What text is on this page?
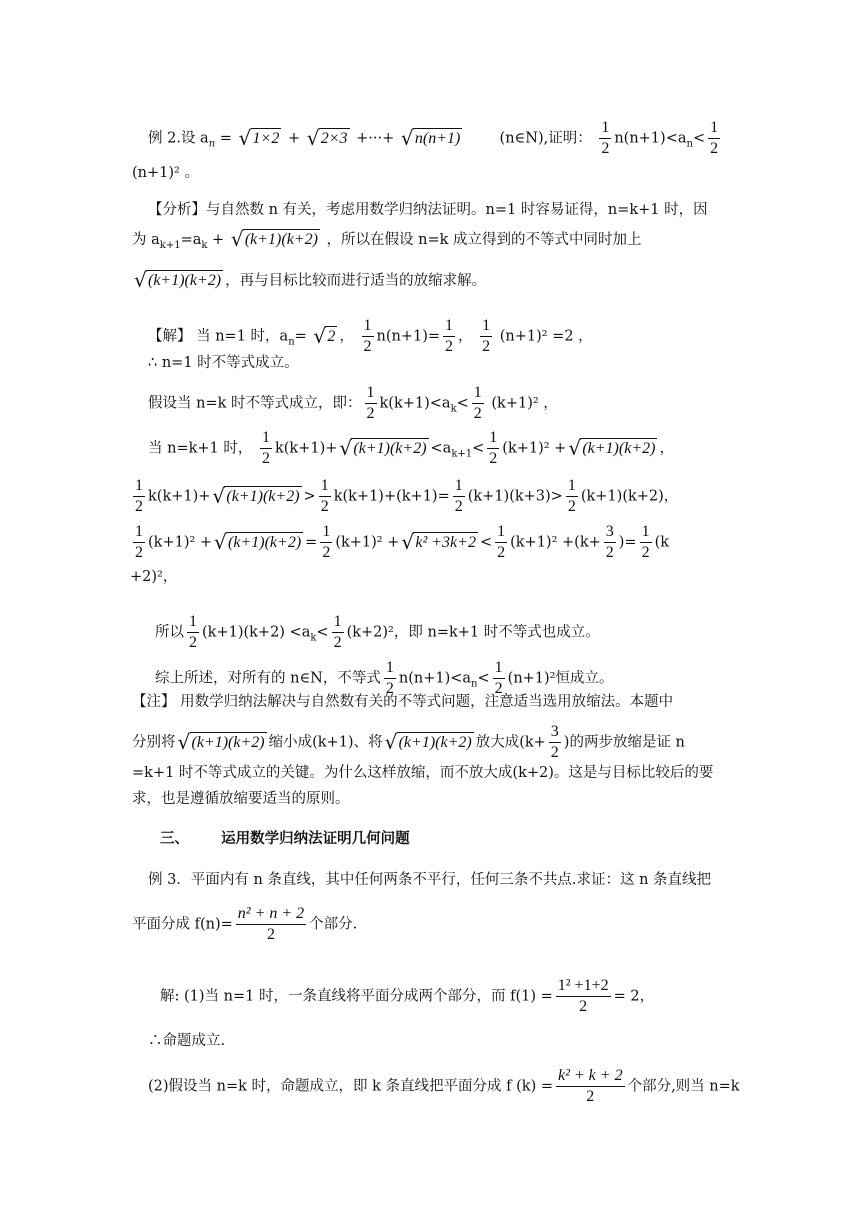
例 2.设 $a_n$ = √ 1×2 + √ 2×3 +···+ √ n(n+1)	(n∈N),证明： $\frac{1}{2} n(n+1)<a_n< \frac{1}{2}$
(n+1)² 。
【分析】与自然数 n 有关，考虑用数学归纳法证明。n=1 时容易证得，n=k+1 时，因
为 $a_{k+1}=a_k$ + √ (k+1)(k+2) ，所以在假设 n=k 成立得到的不等式中同时加上
√ (k+1)(k+2) ，再与目标比较而进行适当的放缩求解。
【解】 当 n=1 时，$a_n=$ √ 2 ， $\frac{1}{2} n(n+1)= \frac{1}{2}$ ， $\frac{1}{2} (n+1)^2 =2$ ，
∴ n=1 时不等式成立。
假设当 n=k 时不等式成立，即： $\frac{1}{2} k(k+1)<a_k< \frac{1}{2} (k+1)^2$ ，
当 n=k+1 时， $\frac{1}{2} k(k+1)+$ √ $(k+1)(k+2) <a_{k+1}< \frac{1}{2} (k+1)^2$ + √ (k+1)(k+2) ，
$\frac{1}{2} k(k+1)+$ √ $(k+1)(k+2) > \frac{1}{2} k(k+1)+(k+1)= \frac{1}{2} (k+1)(k+3)> \frac{1}{2} (k+1)(k+2)$，
$\frac{1}{2} (k+1)^2$ + √ $(k+1)(k+2) = \frac{1}{2} (k+1)^2$ + √ $k^2 +3k+2 < \frac{1}{2} (k+1)^2 +(k+ \frac{3}{2}$ )= $\frac{1}{2} (k$
+2)²，
所以 $\frac{1}{2} (k+1)(k+2) <a_k< \frac{1}{2} (k+2)^2$，即 n=k+1 时不等式也成立。
综上所述，对所有的 n∈N，不等式 $\frac{1}{2} n(n+1)<a_n< \frac{1}{2} (n+1)^2$恒成立。
【注】 用数学归纳法解决与自然数有关的不等式问题，注意适当选用放缩法。本题中
分别将 √ (k+1)(k+2) 缩小成(k+1)、将 √ (k+1)(k+2) 放大成($k+ \frac{3}{2}$ )的两步放缩是证 n
=k+1 时不等式成立的关键。为什么这样放缩，而不放大成(k+2)。这是与目标比较后的要
求，也是遵循放缩要适当的原则。
三、 运用数学归纳法证明几何问题
例 3．平面内有 n 条直线，其中任何两条不平行，任何三条不共点.求证：这 n 条直线把
平面分成 $f(n)= \frac{\text{n² + n + 2}}{2}$ 个部分.
解: (1)当 n=1 时，一条直线将平面分成两个部分，而 $f(1) = \frac{\text{1² +1+2}}{2} = 2$，
∴命题成立.
(2)假设当 n=k 时，命题成立，即 k 条直线把平面分成 f $(k) = \frac{\text{k² + k + 2}}{2}$ 个部分,则当 n=k
